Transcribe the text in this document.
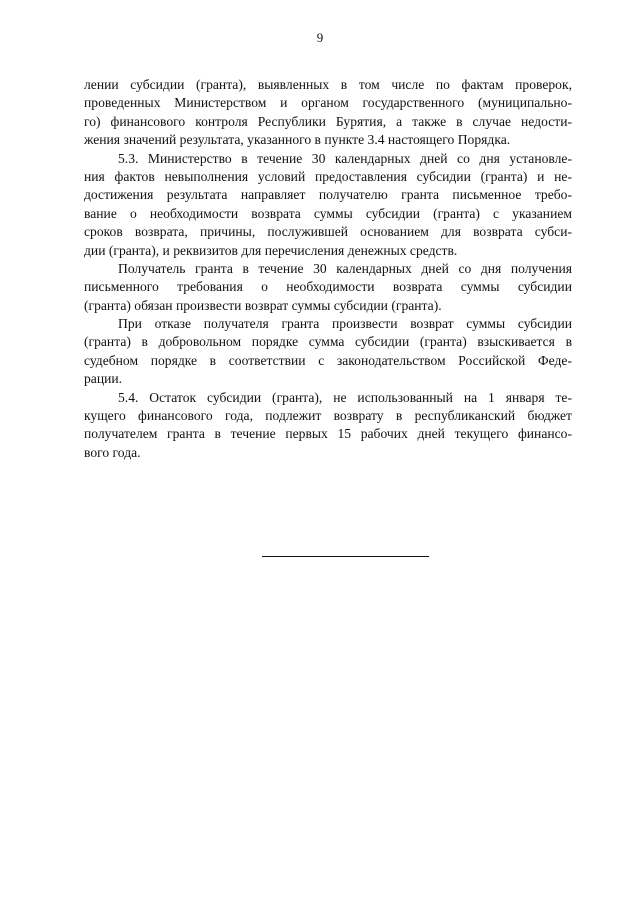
9
лении субсидии (гранта), выявленных в том числе по фактам проверок,
проведенных Министерством и органом государственного (муниципально-
го) финансового контроля Республики Бурятия, а также в случае недости-
жения значений результата, указанного в пункте 3.4 настоящего Порядка.
5.3. Министерство в течение 30 календарных дней со дня установле-
ния фактов невыполнения условий предоставления субсидии (гранта) и не-
достижения результата направляет получателю гранта письменное требо-
вание о необходимости возврата суммы субсидии (гранта) с указанием
сроков возврата, причины, послужившей основанием для возврата субси-
дии (гранта), и реквизитов для перечисления денежных средств.
Получатель гранта в течение 30 календарных дней со дня получения
письменного требования о необходимости возврата суммы субсидии
(гранта) обязан произвести возврат суммы субсидии (гранта).
При отказе получателя гранта произвести возврат суммы субсидии
(гранта) в добровольном порядке сумма субсидии (гранта) взыскивается в
судебном порядке в соответствии с законодательством Российской Феде-
рации.
5.4. Остаток субсидии (гранта), не использованный на 1 января те-
кущего финансового года, подлежит возврату в республиканский бюджет
получателем гранта в течение первых 15 рабочих дней текущего финансо-
вого года.
